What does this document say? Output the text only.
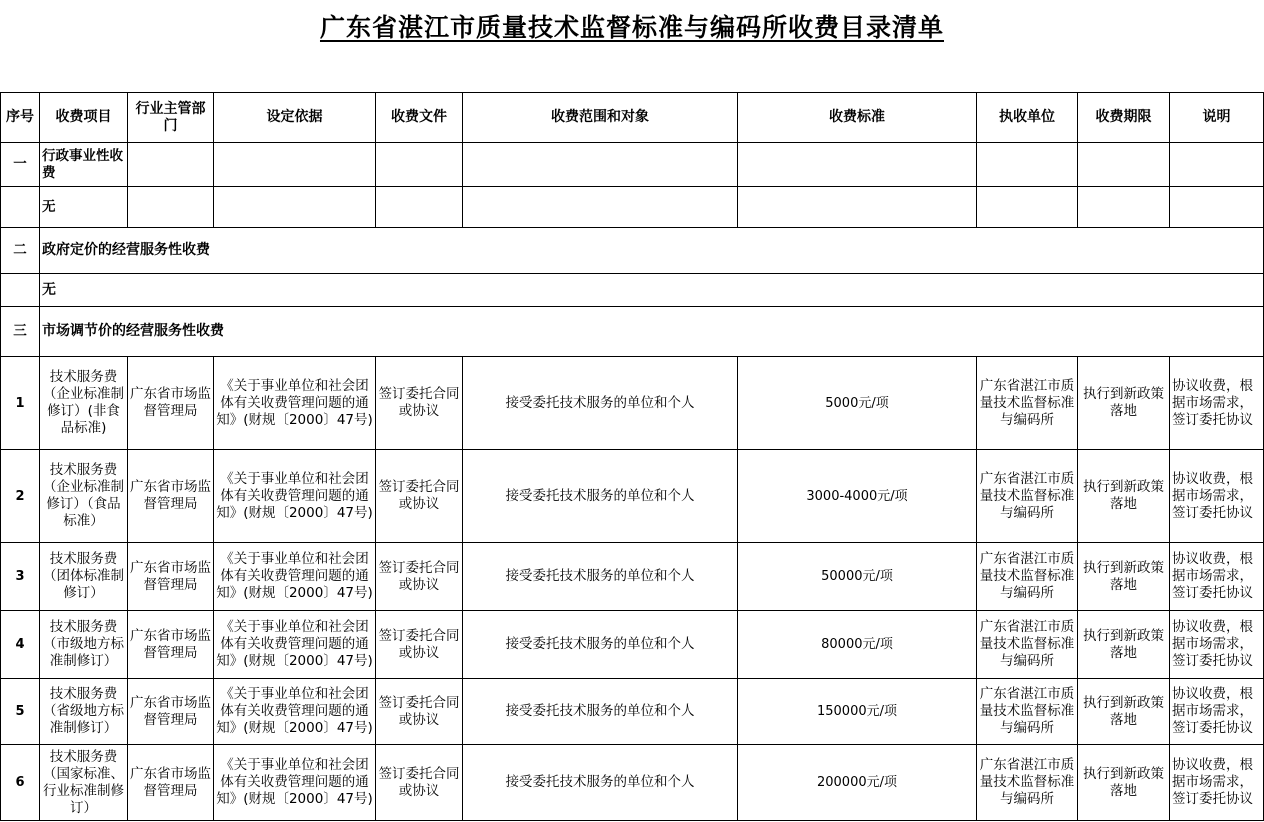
广东省湛江市质量技术监督标准与编码所收费目录清单
序号	收费项目	行业主管部门	设定依据	收费文件	收费范围和对象	收费标准	执收单位	收费期限	说明
一	行政事业性收费								
	无								
二	政府定价的经营服务性收费								
	无								
三	市场调节价的经营服务性收费								
1	技术服务费（企业标准制修订）(非食品标准)	广东省市场监督管理局	《关于事业单位和社会团体有关收费管理问题的通知》(财规〔2000〕47号)	签订委托合同或协议	接受委托技术服务的单位和个人	5000元/项	广东省湛江市质量技术监督标准与编码所	执行到新政策落地	协议收费，根据市场需求，签订委托协议
2	技术服务费（企业标准制修订）（食品标准）	广东省市场监督管理局	《关于事业单位和社会团体有关收费管理问题的通知》(财规〔2000〕47号)	签订委托合同或协议	接受委托技术服务的单位和个人	3000-4000元/项	广东省湛江市质量技术监督标准与编码所	执行到新政策落地	协议收费，根据市场需求，签订委托协议
3	技术服务费（团体标准制修订）	广东省市场监督管理局	《关于事业单位和社会团体有关收费管理问题的通知》(财规〔2000〕47号)	签订委托合同或协议	接受委托技术服务的单位和个人	50000元/项	广东省湛江市质量技术监督标准与编码所	执行到新政策落地	协议收费，根据市场需求，签订委托协议
4	技术服务费（市级地方标准制修订）	广东省市场监督管理局	《关于事业单位和社会团体有关收费管理问题的通知》(财规〔2000〕47号)	签订委托合同或协议	接受委托技术服务的单位和个人	80000元/项	广东省湛江市质量技术监督标准与编码所	执行到新政策落地	协议收费，根据市场需求，签订委托协议
5	技术服务费（省级地方标准制修订）	广东省市场监督管理局	《关于事业单位和社会团体有关收费管理问题的通知》(财规〔2000〕47号)	签订委托合同或协议	接受委托技术服务的单位和个人	150000元/项	广东省湛江市质量技术监督标准与编码所	执行到新政策落地	协议收费，根据市场需求，签订委托协议
6	技术服务费（国家标准、行业标准制修订）	广东省市场监督管理局	《关于事业单位和社会团体有关收费管理问题的通知》(财规〔2000〕47号)	签订委托合同或协议	接受委托技术服务的单位和个人	200000元/项	广东省湛江市质量技术监督标准与编码所	执行到新政策落地	协议收费，根据市场需求，签订委托协议
